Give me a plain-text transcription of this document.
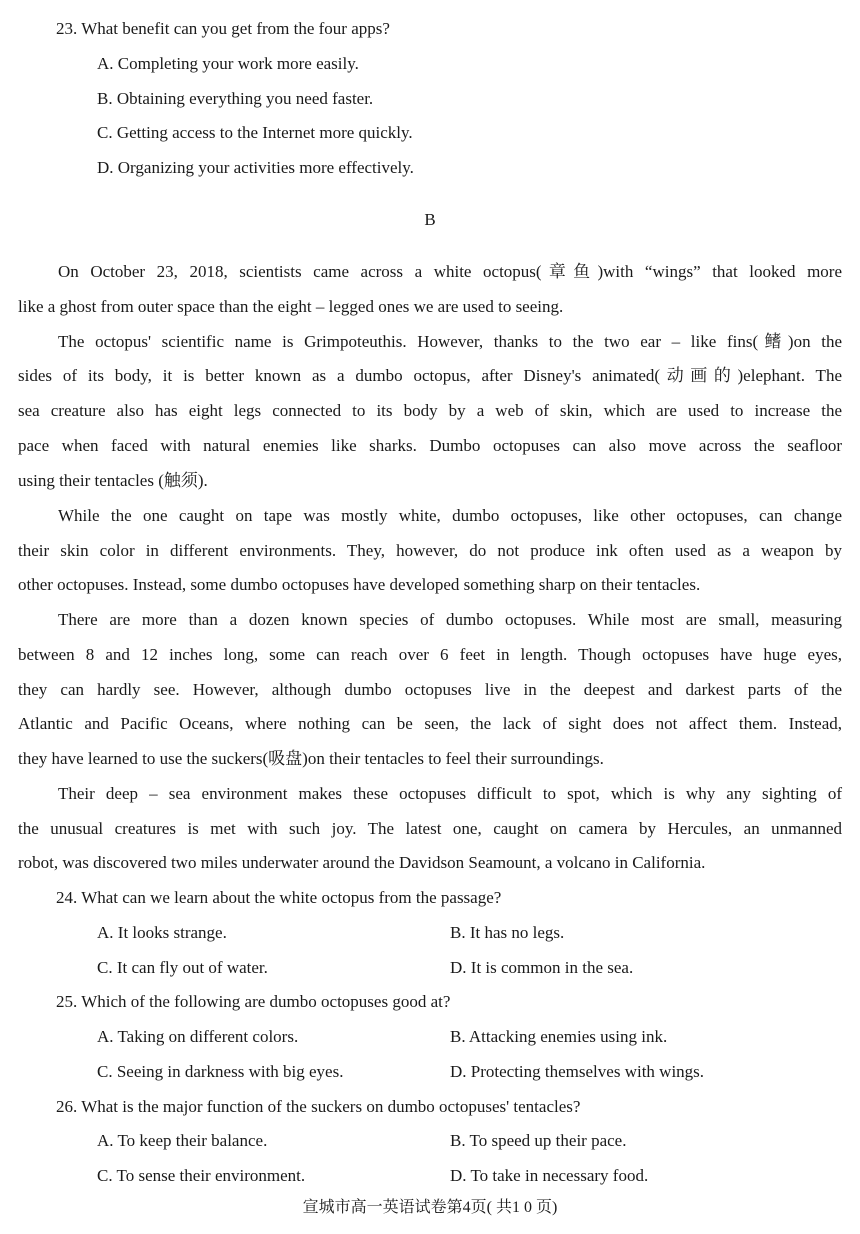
23. What benefit can you get from the four apps?
A. Completing your work more easily.
B. Obtaining everything you need faster.
C. Getting access to the Internet more quickly.
D. Organizing your activities more effectively.
B
On October 23, 2018, scientists came across a white octopus(章鱼)with “wings” that looked more
like a ghost from outer space than the eight – legged ones we are used to seeing.
The octopus' scientific name is Grimpoteuthis. However, thanks to the two ear – like fins(鳍)on the
sides of its body, it is better known as a dumbo octopus, after Disney's animated(动画的)elephant. The
sea creature also has eight legs connected to its body by a web of skin, which are used to increase the
pace when faced with natural enemies like sharks. Dumbo octopuses can also move across the seafloor
using their tentacles (触须).
While the one caught on tape was mostly white, dumbo octopuses, like other octopuses, can change
their skin color in different environments. They, however, do not produce ink often used as a weapon by
other octopuses. Instead, some dumbo octopuses have developed something sharp on their tentacles.
There are more than a dozen known species of dumbo octopuses. While most are small, measuring
between 8 and 12 inches long, some can reach over 6 feet in length. Though octopuses have huge eyes,
they can hardly see. However, although dumbo octopuses live in the deepest and darkest parts of the
Atlantic and Pacific Oceans, where nothing can be seen, the lack of sight does not affect them. Instead,
they have learned to use the suckers(吸盘)on their tentacles to feel their surroundings.
Their deep – sea environment makes these octopuses difficult to spot, which is why any sighting of
the unusual creatures is met with such joy. The latest one, caught on camera by Hercules, an unmanned
robot, was discovered two miles underwater around the Davidson Seamount, a volcano in California.
24. What can we learn about the white octopus from the passage?
A. It looks strange.	B. It has no legs.
C. It can fly out of water.	D. It is common in the sea.
25. Which of the following are dumbo octopuses good at?
A. Taking on different colors.	B. Attacking enemies using ink.
C. Seeing in darkness with big eyes.	D. Protecting themselves with wings.
26. What is the major function of the suckers on dumbo octopuses' tentacles?
A. To keep their balance.	B. To speed up their pace.
C. To sense their environment.	D. To take in necessary food.
宣城市高一英语试卷第4页( 共1 0 页)
